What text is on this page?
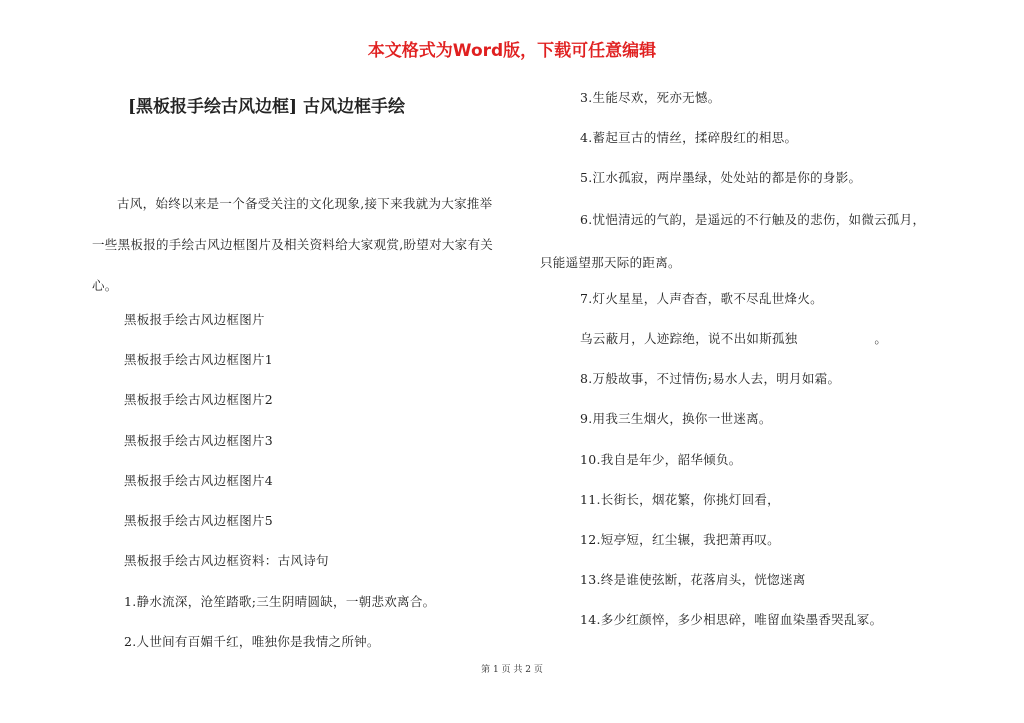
本文格式为Word版，下载可任意编辑
[黑板报手绘古风边框] 古风边框手绘
古风，始终以来是一个备受关注的文化现象,接下来我就为大家推举一些黑板报的手绘古风边框图片及相关资料给大家观赏,盼望对大家有关心。
黑板报手绘古风边框图片
黑板报手绘古风边框图片1
黑板报手绘古风边框图片2
黑板报手绘古风边框图片3
黑板报手绘古风边框图片4
黑板报手绘古风边框图片5
黑板报手绘古风边框资料：古风诗句
1.静水流深，沧笙踏歌;三生阴晴圆缺，一朝悲欢离合。
2.人世间有百媚千红，唯独你是我情之所钟。
3.生能尽欢，死亦无憾。
4.蓄起亘古的情丝，揉碎殷红的相思。
5.江水孤寂，两岸墨绿，处处站的都是你的身影。
7.灯火星星，人声杳杳，歌不尽乱世烽火。
乌云蔽月，人迹踪绝，说不出如斯孤独　　　　　　。
8.万般故事，不过情伤;易水人去，明月如霜。
9.用我三生烟火，换你一世迷离。
10.我自是年少，韶华倾负。
11.长街长，烟花繁，你挑灯回看，
12.短亭短，红尘辗，我把萧再叹。
13.终是谁使弦断，花落肩头，恍惚迷离
14.多少红颜悴，多少相思碎，唯留血染墨香哭乱冢。
6.忧悒清远的气韵，是遥远的不行触及的悲伤，如微云孤月，
只能遥望那天际的距离。
第 1 页 共 2 页
